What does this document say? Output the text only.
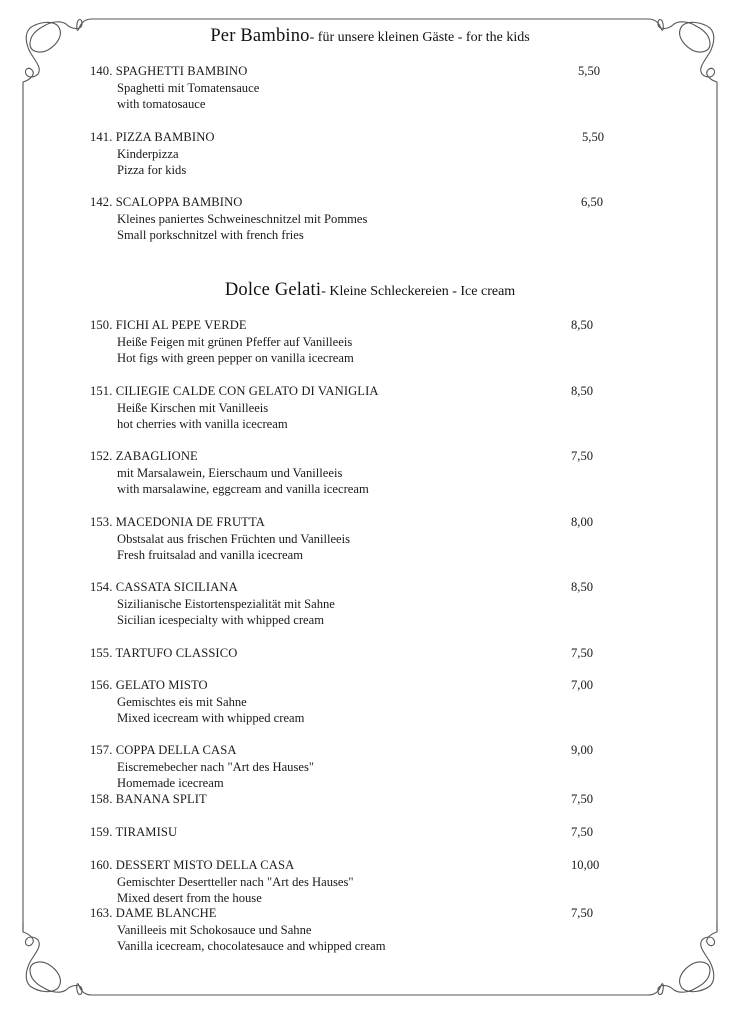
Per Bambino- für unsere kleinen Gäste - for the kids
140. SPAGHETTI BAMBINO	5,50
Spaghetti mit Tomatensauce
with tomatosauce
141. PIZZA BAMBINO	5,50
Kinderpizza
Pizza for kids
142. SCALOPPA BAMBINO	6,50
Kleines paniertes Schweineschnitzel mit Pommes
Small porkschnitzel with french fries
Dolce Gelati- Kleine Schleckereien - Ice cream
150. FICHI AL PEPE VERDE	8,50
Heiße Feigen mit grünen Pfeffer auf Vanilleeis
Hot figs with green pepper on vanilla icecream
151. CILIEGIE CALDE CON GELATO DI VANIGLIA	8,50
Heiße Kirschen mit Vanilleeis
hot cherries with vanilla icecream
152. ZABAGLIONE	7,50
mit Marsalawein, Eierschaum und Vanilleeis
with marsalawine, eggcream and vanilla icecream
153. MACEDONIA DE FRUTTA	8,00
Obstsalat aus frischen Früchten und Vanilleeis
Fresh fruitsalad and vanilla icecream
154. CASSATA SICILIANA	8,50
Sizilianische Eistortenspezialität mit Sahne
Sicilian icespecialty with whipped cream
155. TARTUFO CLASSICO	7,50
156. GELATO MISTO	7,00
Gemischtes eis mit Sahne
Mixed icecream with whipped cream
157. COPPA DELLA CASA	9,00
Eiscremebecher nach "Art des Hauses"
Homemade icecream
158. BANANA SPLIT	7,50
159. TIRAMISU	7,50
160. DESSERT MISTO DELLA CASA	10,00
Gemischter Desertteller nach "Art des Hauses"
Mixed desert from the house
163. DAME BLANCHE	7,50
Vanilleeis mit Schokosauce und Sahne
Vanilla icecream, chocolatesauce and whipped cream
